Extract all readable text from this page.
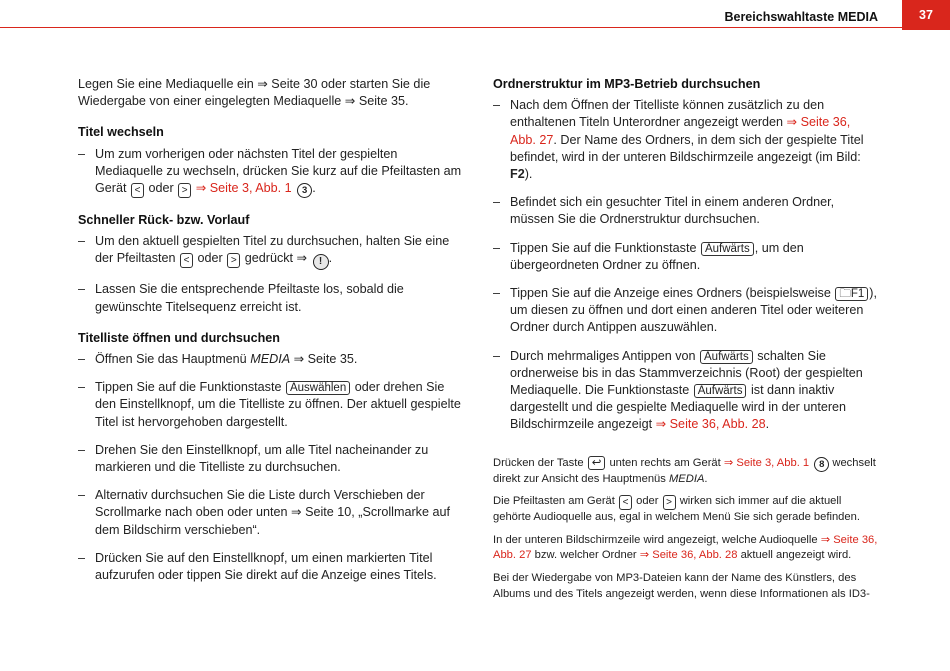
Bereichswahltaste MEDIA	37

Legen Sie eine Mediaquelle ein ⇒ Seite 30 oder starten Sie die Wiedergabe von einer eingelegten Mediaquelle ⇒ Seite 35.

Titel wechseln

– Um zum vorherigen oder nächsten Titel der gespielten Mediaquelle zu wechseln, drücken Sie kurz auf die Pfeiltasten am Gerät < oder > ⇒ Seite 3, Abb. 1 3 .

Schneller Rück- bzw. Vorlauf

– Um den aktuell gespielten Titel zu durchsuchen, halten Sie eine der Pfeiltasten < oder > gedrückt ⇒ ! .
– Lassen Sie die entsprechende Pfeiltaste los, sobald die gewünschte Titelsequenz erreicht ist.

Titelliste öffnen und durchsuchen

– Öffnen Sie das Hauptmenü MEDIA ⇒ Seite 35.
– Tippen Sie auf die Funktionstaste Auswählen oder drehen Sie den Einstellknopf, um die Titelliste zu öffnen. Der aktuell gespielte Titel ist hervorgehoben dargestellt.
– Drehen Sie den Einstellknopf, um alle Titel nacheinander zu markieren und die Titelliste zu durchsuchen.
– Alternativ durchsuchen Sie die Liste durch Verschieben der Scrollmarke nach oben oder unten ⇒ Seite 10, „Scrollmarke auf dem Bildschirm verschieben“.
– Drücken Sie auf den Einstellknopf, um einen markierten Titel aufzurufen oder tippen Sie direkt auf die Anzeige eines Titels.

Ordnerstruktur im MP3-Betrieb durchsuchen

– Nach dem Öffnen der Titelliste können zusätzlich zu den enthaltenen Titeln Unterordner angezeigt werden ⇒ Seite 36, Abb. 27. Der Name des Ordners, in dem sich der gespielte Titel befindet, wird in der unteren Bildschirmzeile angezeigt (im Bild: F2).
– Befindet sich ein gesuchter Titel in einem anderen Ordner, müssen Sie die Ordnerstruktur durchsuchen.
– Tippen Sie auf die Funktionstaste Aufwärts , um den übergeordneten Ordner zu öffnen.
– Tippen Sie auf die Anzeige eines Ordners (beispielsweise 🗀F1 ), um diesen zu öffnen und dort einen anderen Titel oder weiteren Ordner durch Antippen auszuwählen.
– Durch mehrmaliges Antippen von Aufwärts schalten Sie ordnerweise bis in das Stammverzeichnis (Root) der gespielten Mediaquelle. Die Funktionstaste Aufwärts ist dann inaktiv dargestellt und die gespielte Mediaquelle wird in der unteren Bildschirmzeile angezeigt ⇒ Seite 36, Abb. 28.

Drücken der Taste ↩ unten rechts am Gerät ⇒ Seite 3, Abb. 1 8 wechselt direkt zur Ansicht des Hauptmenüs MEDIA.

Die Pfeiltasten am Gerät < oder > wirken sich immer auf die aktuell gehörte Audioquelle aus, egal in welchem Menü Sie sich gerade befinden.

In der unteren Bildschirmzeile wird angezeigt, welche Audioquelle ⇒ Seite 36, Abb. 27 bzw. welcher Ordner ⇒ Seite 36, Abb. 28 aktuell angezeigt wird.

Bei der Wiedergabe von MP3-Dateien kann der Name des Künstlers, des Albums und des Titels angezeigt werden, wenn diese Informationen als ID3-
